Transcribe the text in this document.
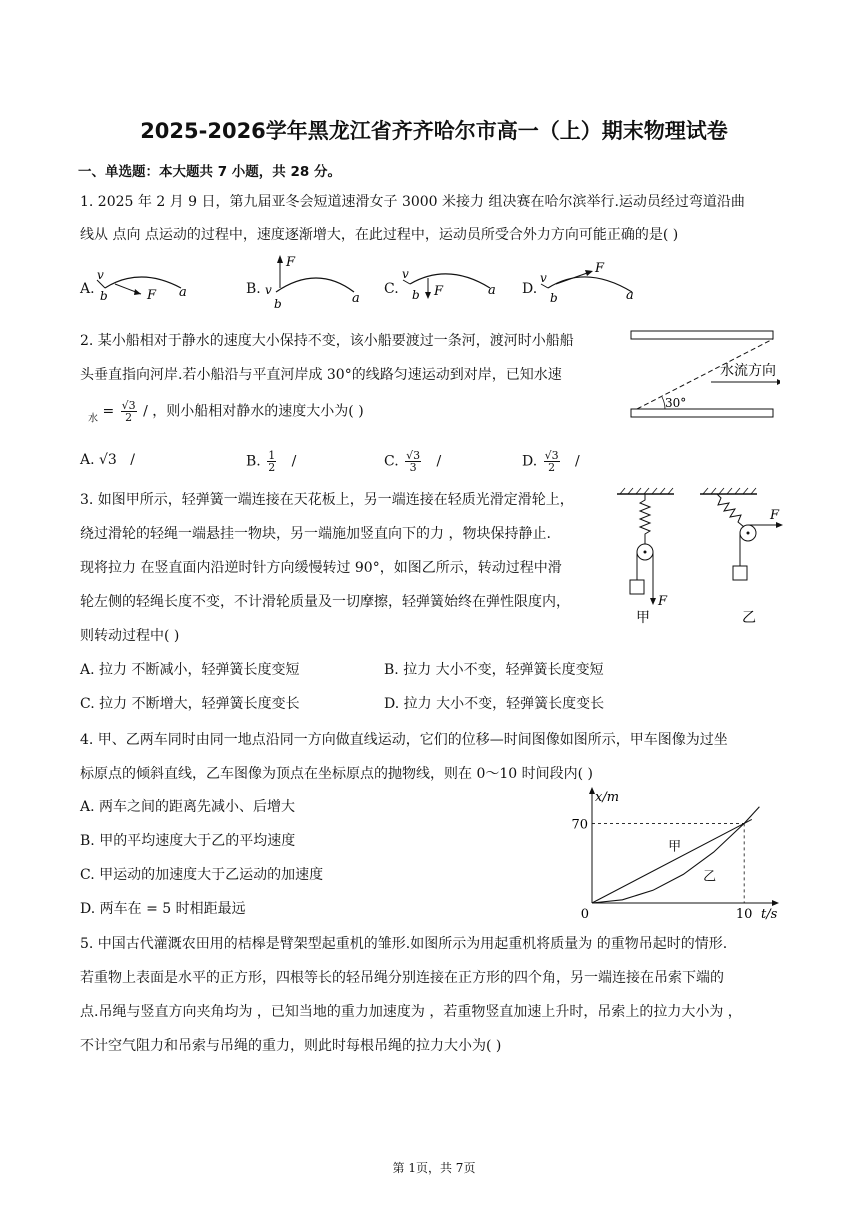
2025-2026学年黑龙江省齐齐哈尔市高一（上）期末物理试卷
一、单选题：本大题共 7 小题，共 28 分。
1. 2025 年 2 月 9 日，第九届亚冬会短道速滑女子 3000 米接力 组决赛在哈尔滨举行.运动员经过弯道沿曲
线从 点向 点运动的过程中，速度逐渐增大，在此过程中，运动员所受合外力方向可能正确的是( )
A.
v
b	F a	B.
F
v
b	a
C.
v
b F	a D.
v
b
F
a
2. 某小船相对于静水的速度大小保持不变，该小船要渡过一条河，渡河时小船船
头垂直指向河岸.若小船沿与平直河岸成 30°的线路匀速运动到对岸，已知水速
$_水 = \frac{√3}{2}$ / ，则小船相对静水的速度大小为( )
水流方向
30°
A. √3 /	B. $\frac{1}{2}$ /	C. $\frac{√3}{3}$ /	D. $\frac{√3}{2}$ /
3. 如图甲所示，轻弹簧一端连接在天花板上，另一端连接在轻质光滑定滑轮上，
绕过滑轮的轻绳一端悬挂一物块，另一端施加竖直向下的力 ，物块保持静止.
现将拉力 在竖直面内沿逆时针方向缓慢转过 90°，如图乙所示，转动过程中滑
轮左侧的轻绳长度不变，不计滑轮质量及一切摩擦，轻弹簧始终在弹性限度内，
则转动过程中( )
F
甲
F
乙
A. 拉力 不断减小，轻弹簧长度变短	B. 拉力 大小不变，轻弹簧长度变短
C. 拉力 不断增大，轻弹簧长度变长	D. 拉力 大小不变，轻弹簧长度变长
4. 甲、乙两车同时由同一地点沿同一方向做直线运动，它们的位移—时间图像如图所示，甲车图像为过坐
标原点的倾斜直线，乙车图像为顶点在坐标原点的抛物线，则在 0～10 时间段内( )
A. 两车之间的距离先减小、后增大
B. 甲的平均速度大于乙的平均速度
C. 甲运动的加速度大于乙运动的加速度
D. 两车在 = 5 时相距最远
x/m
t/s
70
0	10
甲
乙
5. 中国古代灌溉农田用的桔槔是臂架型起重机的雏形.如图所示为用起重机将质量为 的重物吊起时的情形.
若重物上表面是水平的正方形，四根等长的轻吊绳分别连接在正方形的四个角，另一端连接在吊索下端的
点.吊绳与竖直方向夹角均为 ，已知当地的重力加速度为 ，若重物竖直加速上升时，吊索上的拉力大小为 ，
不计空气阻力和吊索与吊绳的重力，则此时每根吊绳的拉力大小为( )
第 1页，共 7页
